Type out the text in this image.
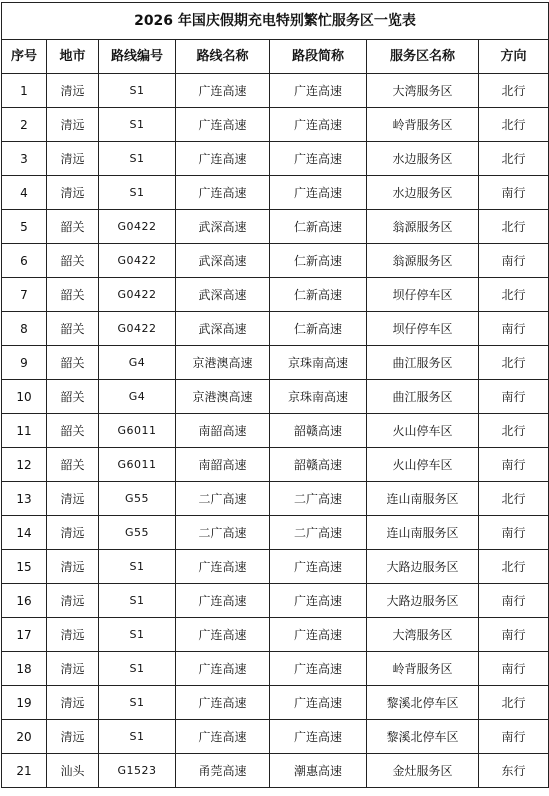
2026 年国庆假期充电特别繁忙服务区一览表						
序号	地市	路线编号	路线名称	路段简称	服务区名称	方向
1	清远	S1	广连高速	广连高速	大湾服务区	北行
2	清远	S1	广连高速	广连高速	岭背服务区	北行
3	清远	S1	广连高速	广连高速	水边服务区	北行
4	清远	S1	广连高速	广连高速	水边服务区	南行
5	韶关	G0422	武深高速	仁新高速	翁源服务区	北行
6	韶关	G0422	武深高速	仁新高速	翁源服务区	南行
7	韶关	G0422	武深高速	仁新高速	坝仔停车区	北行
8	韶关	G0422	武深高速	仁新高速	坝仔停车区	南行
9	韶关	G4	京港澳高速	京珠南高速	曲江服务区	北行
10	韶关	G4	京港澳高速	京珠南高速	曲江服务区	南行
11	韶关	G6011	南韶高速	韶赣高速	火山停车区	北行
12	韶关	G6011	南韶高速	韶赣高速	火山停车区	南行
13	清远	G55	二广高速	二广高速	连山南服务区	北行
14	清远	G55	二广高速	二广高速	连山南服务区	南行
15	清远	S1	广连高速	广连高速	大路边服务区	北行
16	清远	S1	广连高速	广连高速	大路边服务区	南行
17	清远	S1	广连高速	广连高速	大湾服务区	南行
18	清远	S1	广连高速	广连高速	岭背服务区	南行
19	清远	S1	广连高速	广连高速	黎溪北停车区	北行
20	清远	S1	广连高速	广连高速	黎溪北停车区	南行
21	汕头	G1523	甬莞高速	潮惠高速	金灶服务区	东行
